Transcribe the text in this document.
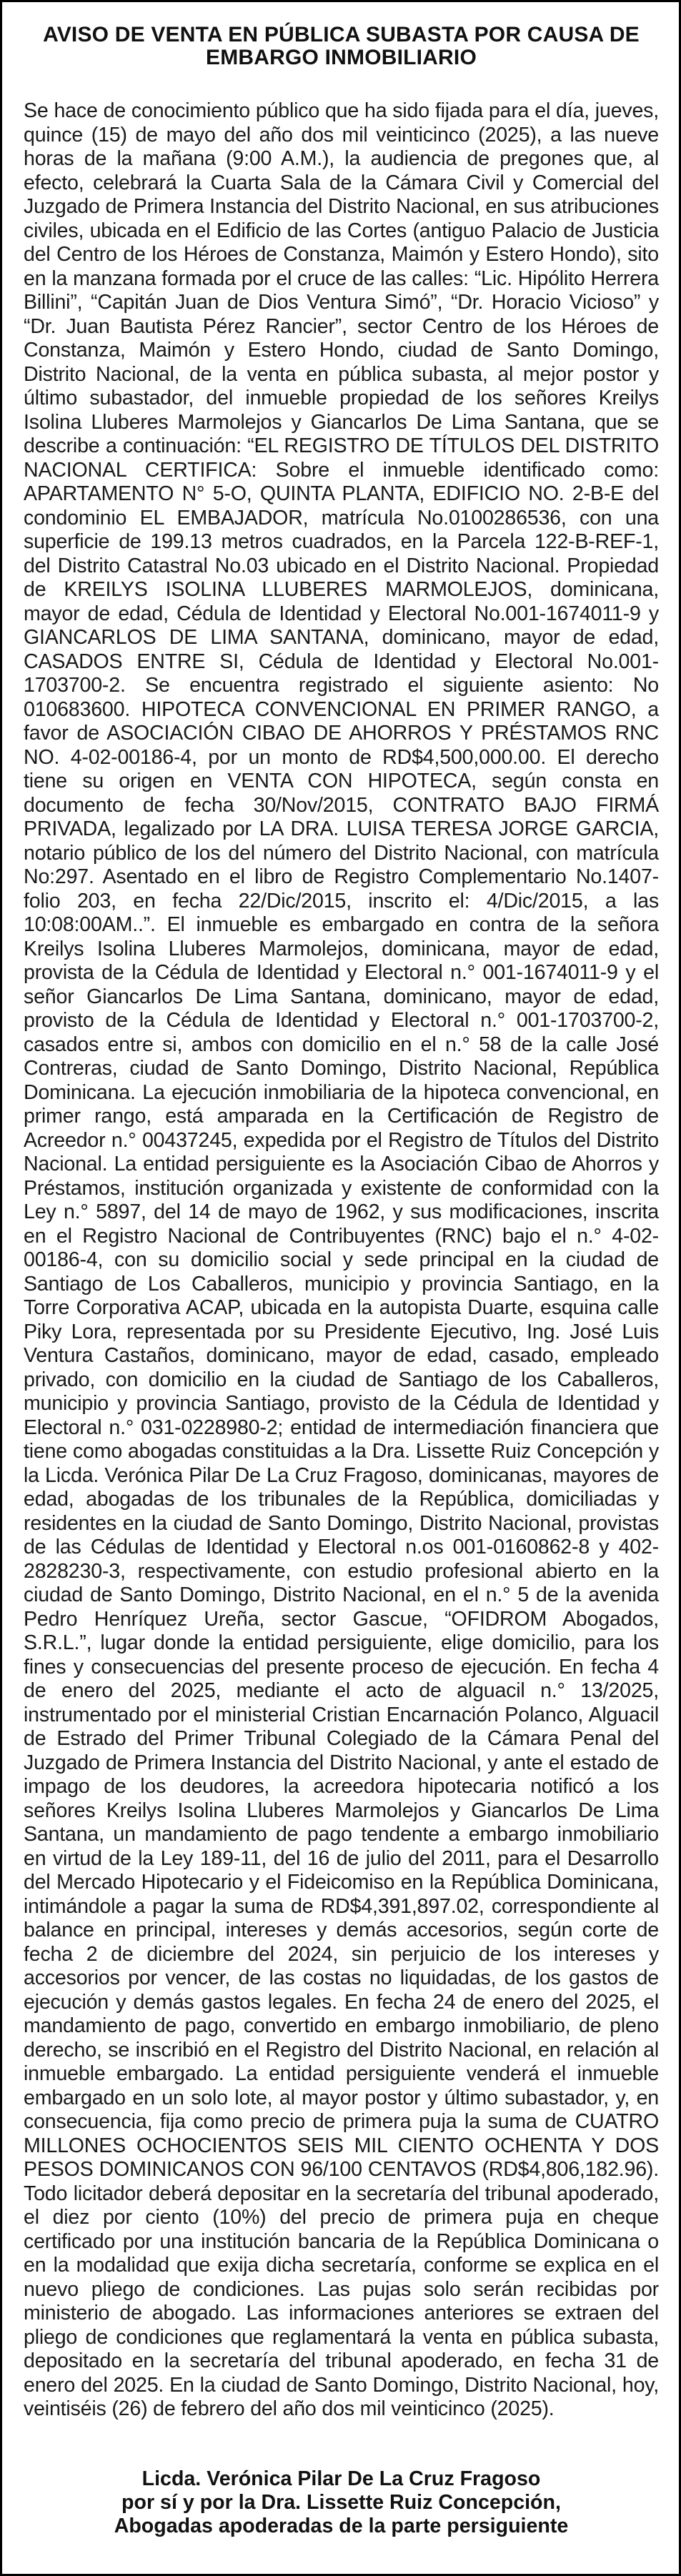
AVISO DE VENTA EN PÚBLICA SUBASTA POR CAUSA DE
EMBARGO INMOBILIARIO

Se hace de conocimiento público que ha sido fijada para el día, jueves, quince (15) de mayo del año dos mil veinticinco (2025), a las nueve horas de la mañana (9:00 A.M.), la audiencia de pregones que, al efecto, celebrará la Cuarta Sala de la Cámara Civil y Comercial del Juzgado de Primera Instancia del Distrito Nacional, en sus atribuciones civiles, ubicada en el Edificio de las Cortes (antiguo Palacio de Justicia del Centro de los Héroes de Constanza, Maimón y Estero Hondo), sito en la manzana formada por el cruce de las calles: “Lic. Hipólito Herrera Billini”, “Capitán Juan de Dios Ventura Simó”, “Dr. Horacio Vicioso” y “Dr. Juan Bautista Pérez Rancier”, sector Centro de los Héroes de Constanza, Maimón y Estero Hondo, ciudad de Santo Domingo, Distrito Nacional, de la venta en pública subasta, al mejor postor y último subastador, del inmueble propiedad de los señores Kreilys Isolina Lluberes Marmolejos y Giancarlos De Lima Santana, que se describe a continuación: “EL REGISTRO DE TÍTULOS DEL DISTRITO NACIONAL CERTIFICA: Sobre el inmueble identificado como: APARTAMENTO N° 5-O, QUINTA PLANTA, EDIFICIO NO. 2-B-E del condominio EL EMBAJADOR, matrícula No.0100286536, con una superficie de 199.13 metros cuadrados, en la Parcela 122-B-REF-1, del Distrito Catastral No.03 ubicado en el Distrito Nacional. Propiedad de KREILYS ISOLINA LLUBERES MARMOLEJOS, dominicana, mayor de edad, Cédula de Identidad y Electoral No.001-1674011-9 y GIANCARLOS DE LIMA SANTANA, dominicano, mayor de edad, CASADOS ENTRE SI, Cédula de Identidad y Electoral No.001-1703700-2. Se encuentra registrado el siguiente asiento: No 010683600. HIPOTECA CONVENCIONAL EN PRIMER RANGO, a favor de ASOCIACIÓN CIBAO DE AHORROS Y PRÉSTAMOS RNC NO. 4-02-00186-4, por un monto de RD$4,500,000.00. El derecho tiene su origen en VENTA CON HIPOTECA, según consta en documento de fecha 30/Nov/2015, CONTRATO BAJO FIRMÁ PRIVADA, legalizado por LA DRA. LUISA TERESA JORGE GARCIA, notario público de los del número del Distrito Nacional, con matrícula No:297. Asentado en el libro de Registro Complementario No.1407-folio 203, en fecha 22/Dic/2015, inscrito el: 4/Dic/2015, a las 10:08:00AM..”. El inmueble es embargado en contra de la señora Kreilys Isolina Lluberes Marmolejos, dominicana, mayor de edad, provista de la Cédula de Identidad y Electoral n.° 001-1674011-9 y el señor Giancarlos De Lima Santana, dominicano, mayor de edad, provisto de la Cédula de Identidad y Electoral n.° 001-1703700-2, casados entre si, ambos con domicilio en el n.° 58 de la calle José Contreras, ciudad de Santo Domingo, Distrito Nacional, República Dominicana. La ejecución inmobiliaria de la hipoteca convencional, en primer rango, está amparada en la Certificación de Registro de Acreedor n.° 00437245, expedida por el Registro de Títulos del Distrito Nacional. La entidad persiguiente es la Asociación Cibao de Ahorros y Préstamos, institución organizada y existente de conformidad con la Ley n.° 5897, del 14 de mayo de 1962, y sus modificaciones, inscrita en el Registro Nacional de Contribuyentes (RNC) bajo el n.° 4-02-00186-4, con su domicilio social y sede principal en la ciudad de Santiago de Los Caballeros, municipio y provincia Santiago, en la Torre Corporativa ACAP, ubicada en la autopista Duarte, esquina calle Piky Lora, representada por su Presidente Ejecutivo, Ing. José Luis Ventura Castaños, dominicano, mayor de edad, casado, empleado privado, con domicilio en la ciudad de Santiago de los Caballeros, municipio y provincia Santiago, provisto de la Cédula de Identidad y Electoral n.° 031-0228980-2; entidad de intermediación financiera que tiene como abogadas constituidas a la Dra. Lissette Ruiz Concepción y la Licda. Verónica Pilar De La Cruz Fragoso, dominicanas, mayores de edad, abogadas de los tribunales de la República, domiciliadas y residentes en la ciudad de Santo Domingo, Distrito Nacional, provistas de las Cédulas de Identidad y Electoral n.os 001-0160862-8 y 402-2828230-3, respectivamente, con estudio profesional abierto en la ciudad de Santo Domingo, Distrito Nacional, en el n.° 5 de la avenida Pedro Henríquez Ureña, sector Gascue, “OFIDROM Abogados, S.R.L.”, lugar donde la entidad persiguiente, elige domicilio, para los fines y consecuencias del presente proceso de ejecución. En fecha 4 de enero del 2025, mediante el acto de alguacil n.° 13/2025, instrumentado por el ministerial Cristian Encarnación Polanco, Alguacil de Estrado del Primer Tribunal Colegiado de la Cámara Penal del Juzgado de Primera Instancia del Distrito Nacional, y ante el estado de impago de los deudores, la acreedora hipotecaria notificó a los señores Kreilys Isolina Lluberes Marmolejos y Giancarlos De Lima Santana, un mandamiento de pago tendente a embargo inmobiliario en virtud de la Ley 189-11, del 16 de julio del 2011, para el Desarrollo del Mercado Hipotecario y el Fideicomiso en la República Dominicana, intimándole a pagar la suma de RD$4,391,897.02, correspondiente al balance en principal, intereses y demás accesorios, según corte de fecha 2 de diciembre del 2024, sin perjuicio de los intereses y accesorios por vencer, de las costas no liquidadas, de los gastos de ejecución y demás gastos legales. En fecha 24 de enero del 2025, el mandamiento de pago, convertido en embargo inmobiliario, de pleno derecho, se inscribió en el Registro del Distrito Nacional, en relación al inmueble embargado. La entidad persiguiente venderá el inmueble embargado en un solo lote, al mayor postor y último subastador, y, en consecuencia, fija como precio de primera puja la suma de CUATRO MILLONES OCHOCIENTOS SEIS MIL CIENTO OCHENTA Y DOS PESOS DOMINICANOS CON 96/100 CENTAVOS (RD$4,806,182.96). Todo licitador deberá depositar en la secretaría del tribunal apoderado, el diez por ciento (10%) del precio de primera puja en cheque certificado por una institución bancaria de la República Dominicana o en la modalidad que exija dicha secretaría, conforme se explica en el nuevo pliego de condiciones. Las pujas solo serán recibidas por ministerio de abogado. Las informaciones anteriores se extraen del pliego de condiciones que reglamentará la venta en pública subasta, depositado en la secretaría del tribunal apoderado, en fecha 31 de enero del 2025. En la ciudad de Santo Domingo, Distrito Nacional, hoy, veintiséis (26) de febrero del año dos mil veinticinco (2025).

Licda. Verónica Pilar De La Cruz Fragoso
por sí y por la Dra. Lissette Ruiz Concepción,
Abogadas apoderadas de la parte persiguiente
